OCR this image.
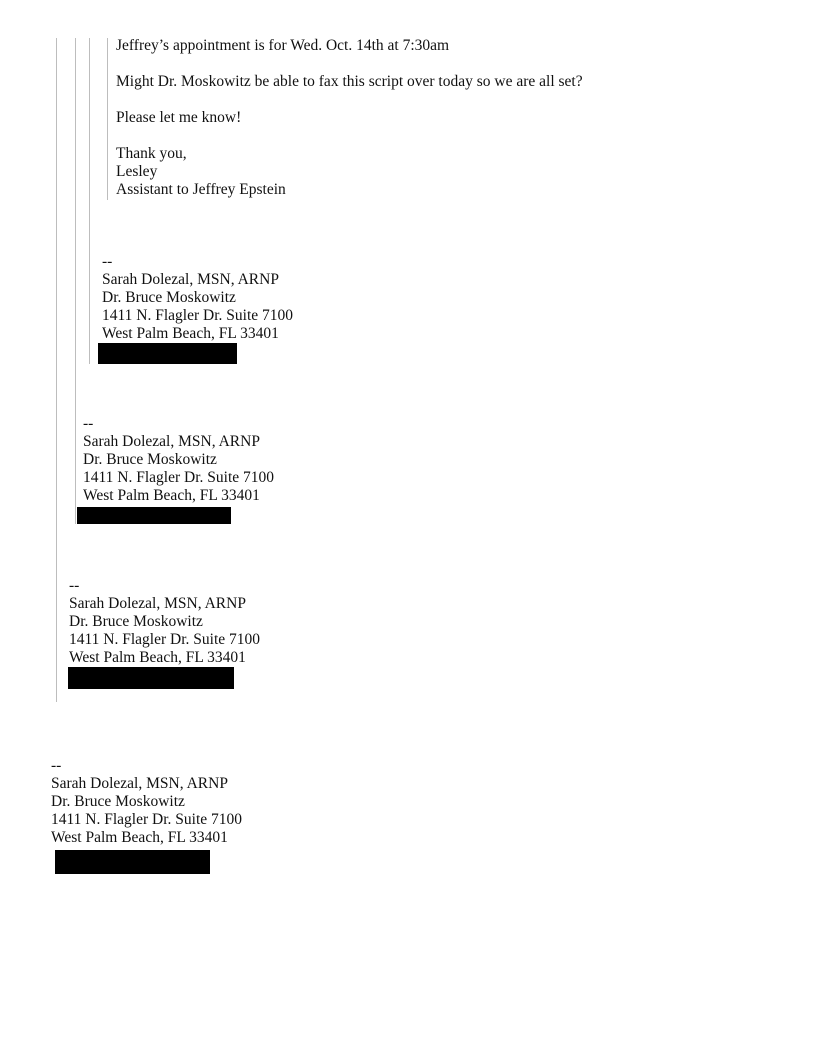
Jeffrey’s appointment is for Wed. Oct. 14th at 7:30am
Might Dr. Moskowitz be able to fax this script over today so we are all set?
Please let me know!
Thank you,
Lesley
Assistant to Jeffrey Epstein
--
Sarah Dolezal, MSN, ARNP
Dr. Bruce Moskowitz
1411 N. Flagler Dr. Suite 7100
West Palm Beach, FL 33401
--
Sarah Dolezal, MSN, ARNP
Dr. Bruce Moskowitz
1411 N. Flagler Dr. Suite 7100
West Palm Beach, FL 33401
--
Sarah Dolezal, MSN, ARNP
Dr. Bruce Moskowitz
1411 N. Flagler Dr. Suite 7100
West Palm Beach, FL 33401
--
Sarah Dolezal, MSN, ARNP
Dr. Bruce Moskowitz
1411 N. Flagler Dr. Suite 7100
West Palm Beach, FL 33401
